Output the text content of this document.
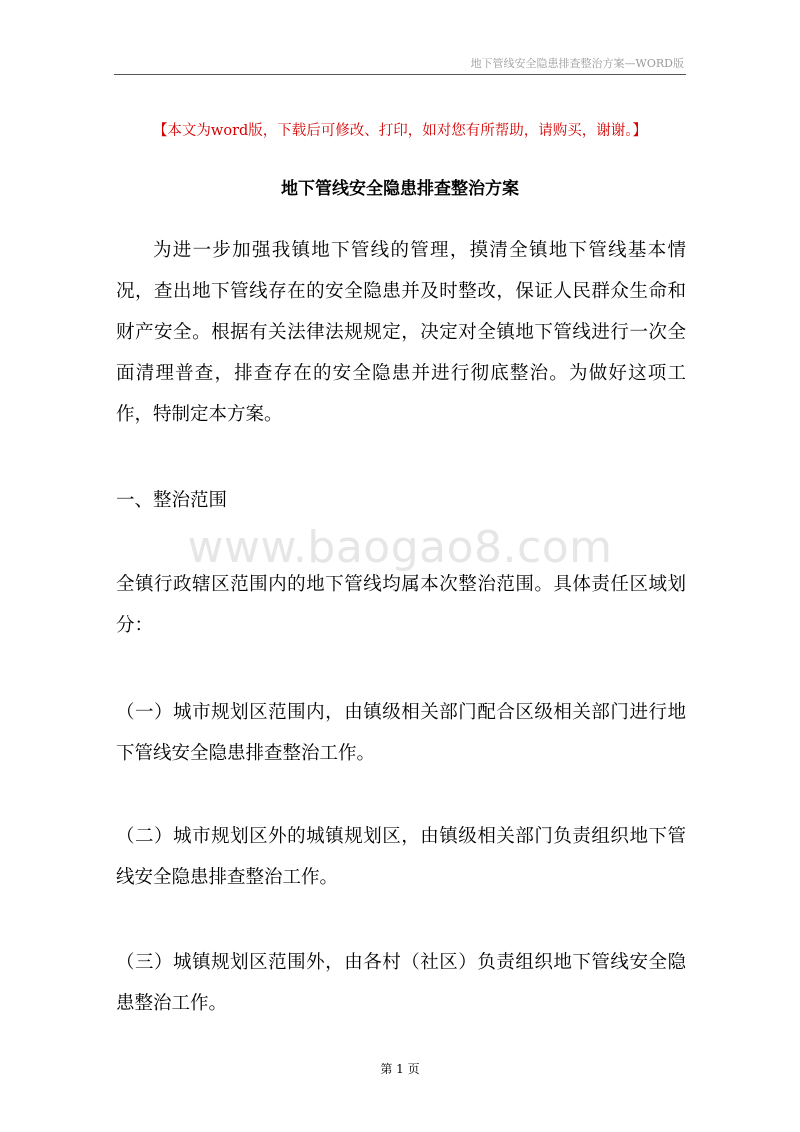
地下管线安全隐患排查整治方案—WORD版
【本文为word版，下载后可修改、打印，如对您有所帮助，请购买，谢谢。】
地下管线安全隐患排查整治方案
为进一步加强我镇地下管线的管理，摸清全镇地下管线基本情况，查出地下管线存在的安全隐患并及时整改，保证人民群众生命和财产安全。根据有关法律法规规定，决定对全镇地下管线进行一次全面清理普查，排查存在的安全隐患并进行彻底整治。为做好这项工作，特制定本方案。
一、整治范围
www.baogao8.com
全镇行政辖区范围内的地下管线均属本次整治范围。具体责任区域划分：
（一）城市规划区范围内，由镇级相关部门配合区级相关部门进行地下管线安全隐患排查整治工作。
（二）城市规划区外的城镇规划区，由镇级相关部门负责组织地下管线安全隐患排查整治工作。
（三）城镇规划区范围外，由各村（社区）负责组织地下管线安全隐患整治工作。
第 1 页
